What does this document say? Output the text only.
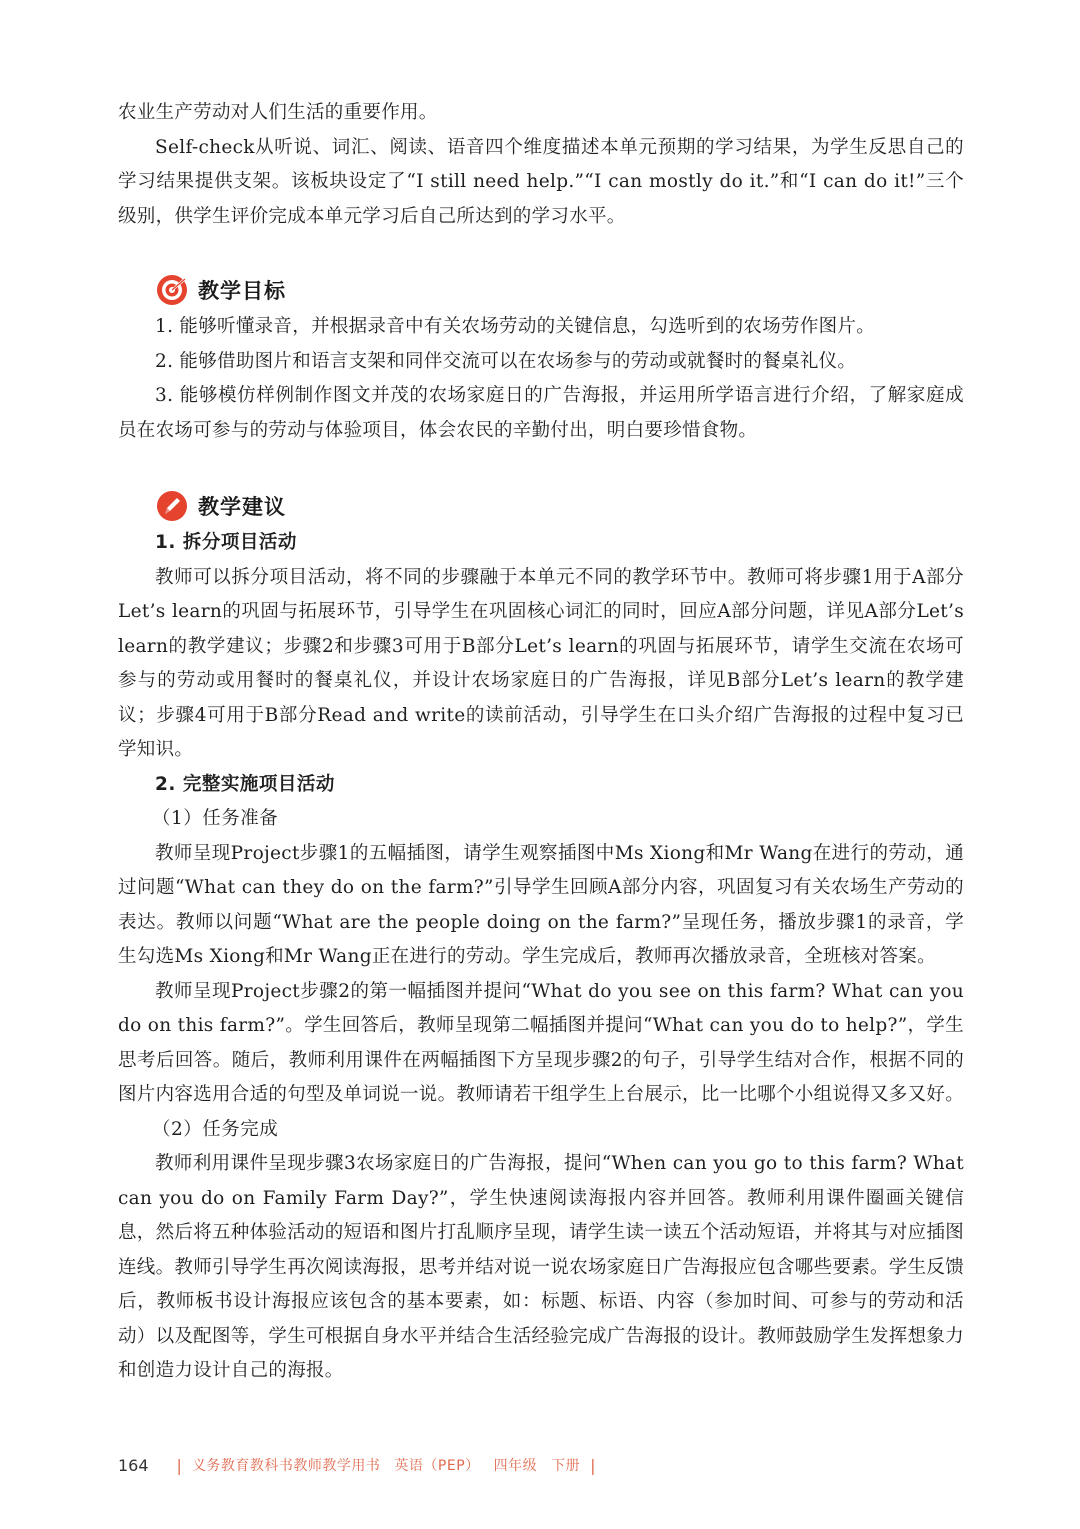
农业生产劳动对人们生活的重要作用。

Self-check从听说、词汇、阅读、语音四个维度描述本单元预期的学习结果，为学生反思自己的学习结果提供支架。该板块设定了“I still need help.”“I can mostly do it.”和“I can do it!”三个级别，供学生评价完成本单元学习后自己所达到的学习水平。

教学目标

1. 能够听懂录音，并根据录音中有关农场劳动的关键信息，勾选听到的农场劳作图片。

2. 能够借助图片和语言支架和同伴交流可以在农场参与的劳动或就餐时的餐桌礼仪。

3. 能够模仿样例制作图文并茂的农场家庭日的广告海报，并运用所学语言进行介绍，了解家庭成员在农场可参与的劳动与体验项目，体会农民的辛勤付出，明白要珍惜食物。

教学建议

1. 拆分项目活动

教师可以拆分项目活动，将不同的步骤融于本单元不同的教学环节中。教师可将步骤1用于A部分Let’s learn的巩固与拓展环节，引导学生在巩固核心词汇的同时，回应A部分问题，详见A部分Let’s learn的教学建议；步骤2和步骤3可用于B部分Let’s learn的巩固与拓展环节，请学生交流在农场可参与的劳动或用餐时的餐桌礼仪，并设计农场家庭日的广告海报，详见B部分Let’s learn的教学建议；步骤4可用于B部分Read and write的读前活动，引导学生在口头介绍广告海报的过程中复习已学知识。

2. 完整实施项目活动

（1）任务准备

教师呈现Project步骤1的五幅插图，请学生观察插图中Ms Xiong和Mr Wang在进行的劳动，通过问题“What can they do on the farm?”引导学生回顾A部分内容，巩固复习有关农场生产劳动的表达。教师以问题“What are the people doing on the farm?”呈现任务，播放步骤1的录音，学生勾选Ms Xiong和Mr Wang正在进行的劳动。学生完成后，教师再次播放录音，全班核对答案。

教师呈现Project步骤2的第一幅插图并提问“What do you see on this farm? What can you do on this farm?”。学生回答后，教师呈现第二幅插图并提问“What can you do to help?”，学生思考后回答。随后，教师利用课件在两幅插图下方呈现步骤2的句子，引导学生结对合作，根据不同的图片内容选用合适的句型及单词说一说。教师请若干组学生上台展示，比一比哪个小组说得又多又好。

（2）任务完成

教师利用课件呈现步骤3农场家庭日的广告海报，提问“When can you go to this farm? What can you do on Family Farm Day?”，学生快速阅读海报内容并回答。教师利用课件圈画关键信息，然后将五种体验活动的短语和图片打乱顺序呈现，请学生读一读五个活动短语，并将其与对应插图连线。教师引导学生再次阅读海报，思考并结对说一说农场家庭日广告海报应包含哪些要素。学生反馈后，教师板书设计海报应该包含的基本要素，如：标题、标语、内容（参加时间、可参与的劳动和活动）以及配图等，学生可根据自身水平并结合生活经验完成广告海报的设计。教师鼓励学生发挥想象力和创造力设计自己的海报。

164 | 义务教育教科书教师教学用书 英语（PEP） 四年级 下册 |
